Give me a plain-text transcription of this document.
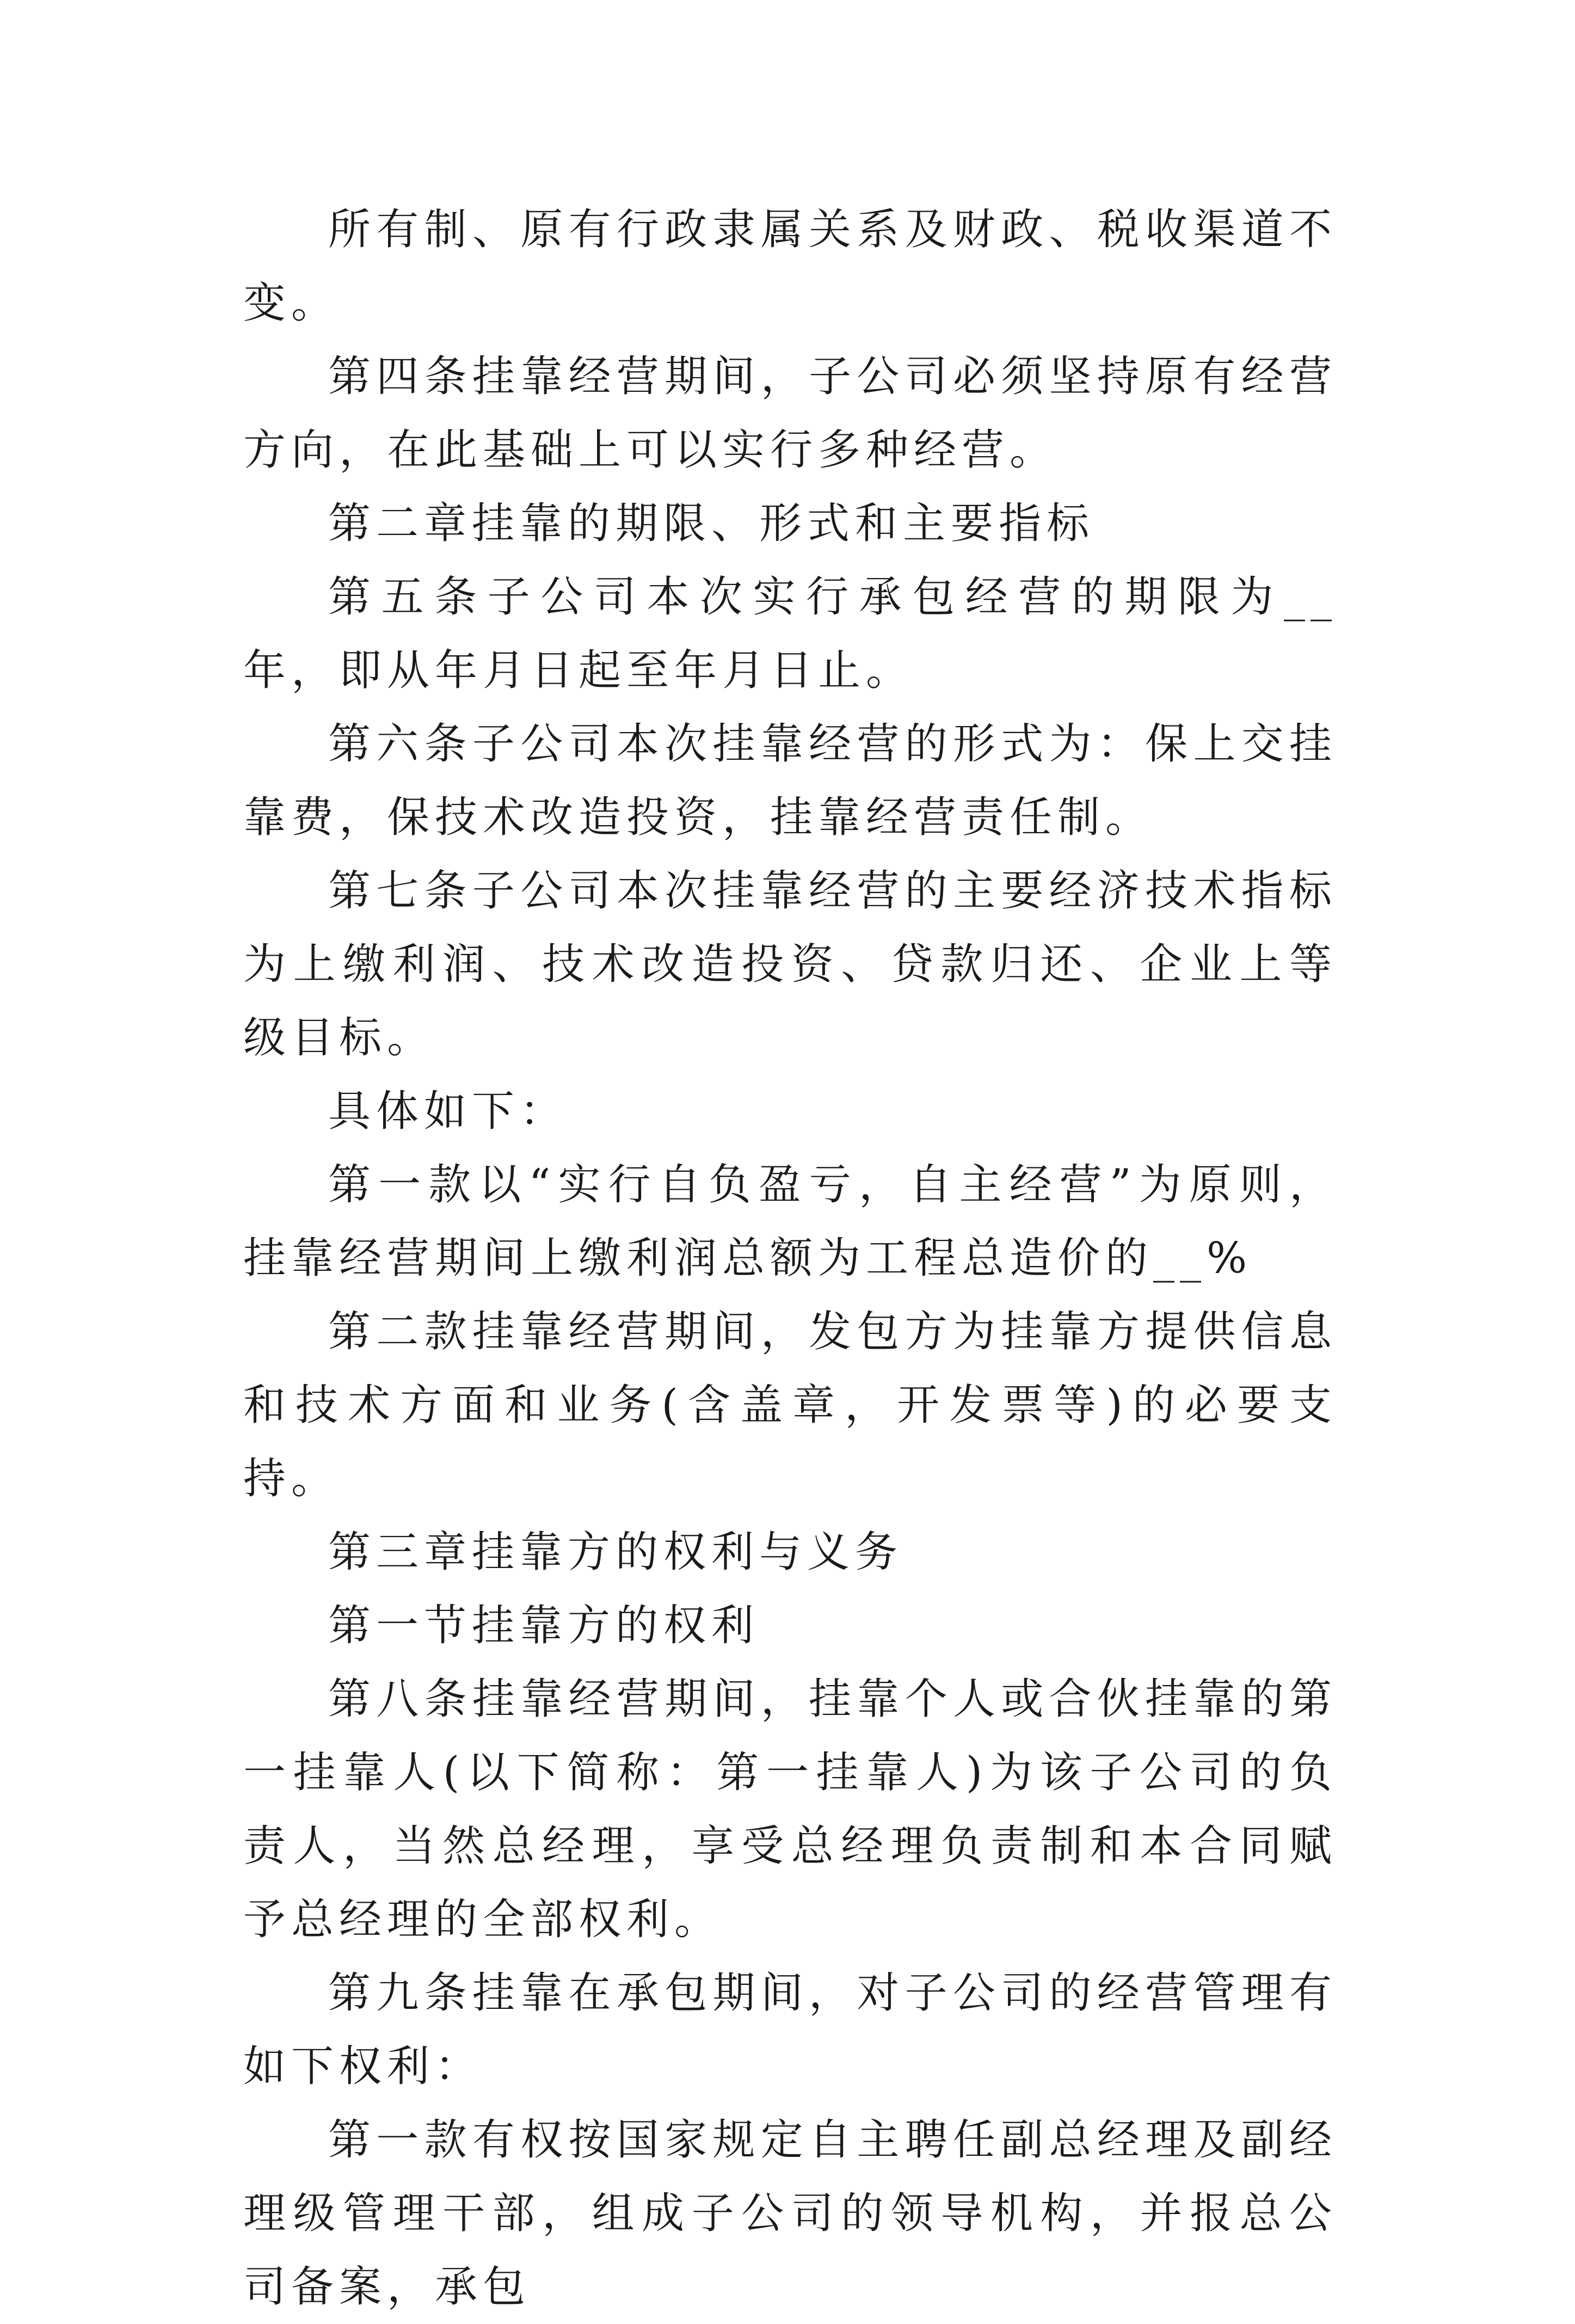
所有制、原有行政隶属关系及财政、税收渠道不变。

第四条挂靠经营期间，子公司必须坚持原有经营方向，在此基础上可以实行多种经营。

第二章挂靠的期限、形式和主要指标

第五条子公司本次实行承包经营的期限为__年，即从年月日起至年月日止。

第六条子公司本次挂靠经营的形式为：保上交挂靠费，保技术改造投资，挂靠经营责任制。

第七条子公司本次挂靠经营的主要经济技术指标为上缴利润、技术改造投资、贷款归还、企业上等级目标。

具体如下：

第一款以“实行自负盈亏，自主经营”为原则，挂靠经营期间上缴利润总额为工程总造价的__%

第二款挂靠经营期间，发包方为挂靠方提供信息和技术方面和业务(含盖章，开发票等)的必要支持。

第三章挂靠方的权利与义务

第一节挂靠方的权利

第八条挂靠经营期间，挂靠个人或合伙挂靠的第一挂靠人(以下简称：第一挂靠人)为该子公司的负责人，当然总经理，享受总经理负责制和本合同赋予总经理的全部权利。

第九条挂靠在承包期间，对子公司的经营管理有如下权利：

第一款有权按国家规定自主聘任副总经理及副经理级管理干部，组成子公司的领导机构，并报总公司备案，承包
